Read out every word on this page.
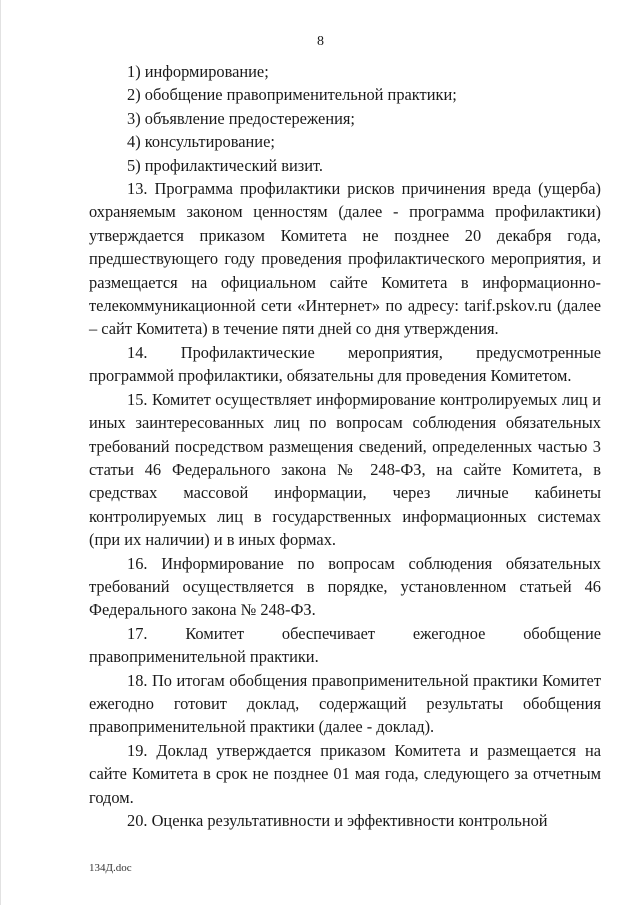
8

1) информирование;

2) обобщение правоприменительной практики;

3) объявление предостережения;

4) консультирование;

5) профилактический визит.

13. Программа профилактики рисков причинения вреда (ущерба) охраняемым законом ценностям (далее - программа профилактики) утверждается приказом Комитета не позднее 20 декабря года, предшествующего году проведения профилактического мероприятия, и размещается на официальном сайте Комитета в информационно-телекоммуникационной сети «Интернет» по адресу: tarif.pskov.ru (далее – сайт Комитета) в течение пяти дней со дня утверждения.

14. Профилактические мероприятия, предусмотренные программой профилактики, обязательны для проведения Комитетом.

15. Комитет осуществляет информирование контролируемых лиц и иных заинтересованных лиц по вопросам соблюдения обязательных требований посредством размещения сведений, определенных частью 3 статьи 46 Федерального закона № 248-ФЗ, на сайте Комитета, в средствах массовой информации, через личные кабинеты контролируемых лиц в государственных информационных системах (при их наличии) и в иных формах.

16. Информирование по вопросам соблюдения обязательных требований осуществляется в порядке, установленном статьей 46 Федерального закона № 248-ФЗ.

17. Комитет обеспечивает ежегодное обобщение правоприменительной практики.

18. По итогам обобщения правоприменительной практики Комитет ежегодно готовит доклад, содержащий результаты обобщения правоприменительной практики (далее - доклад).

19. Доклад утверждается приказом Комитета и размещается на сайте Комитета в срок не позднее 01 мая года, следующего за отчетным годом.

20. Оценка результативности и эффективности контрольной

134Д.doc
